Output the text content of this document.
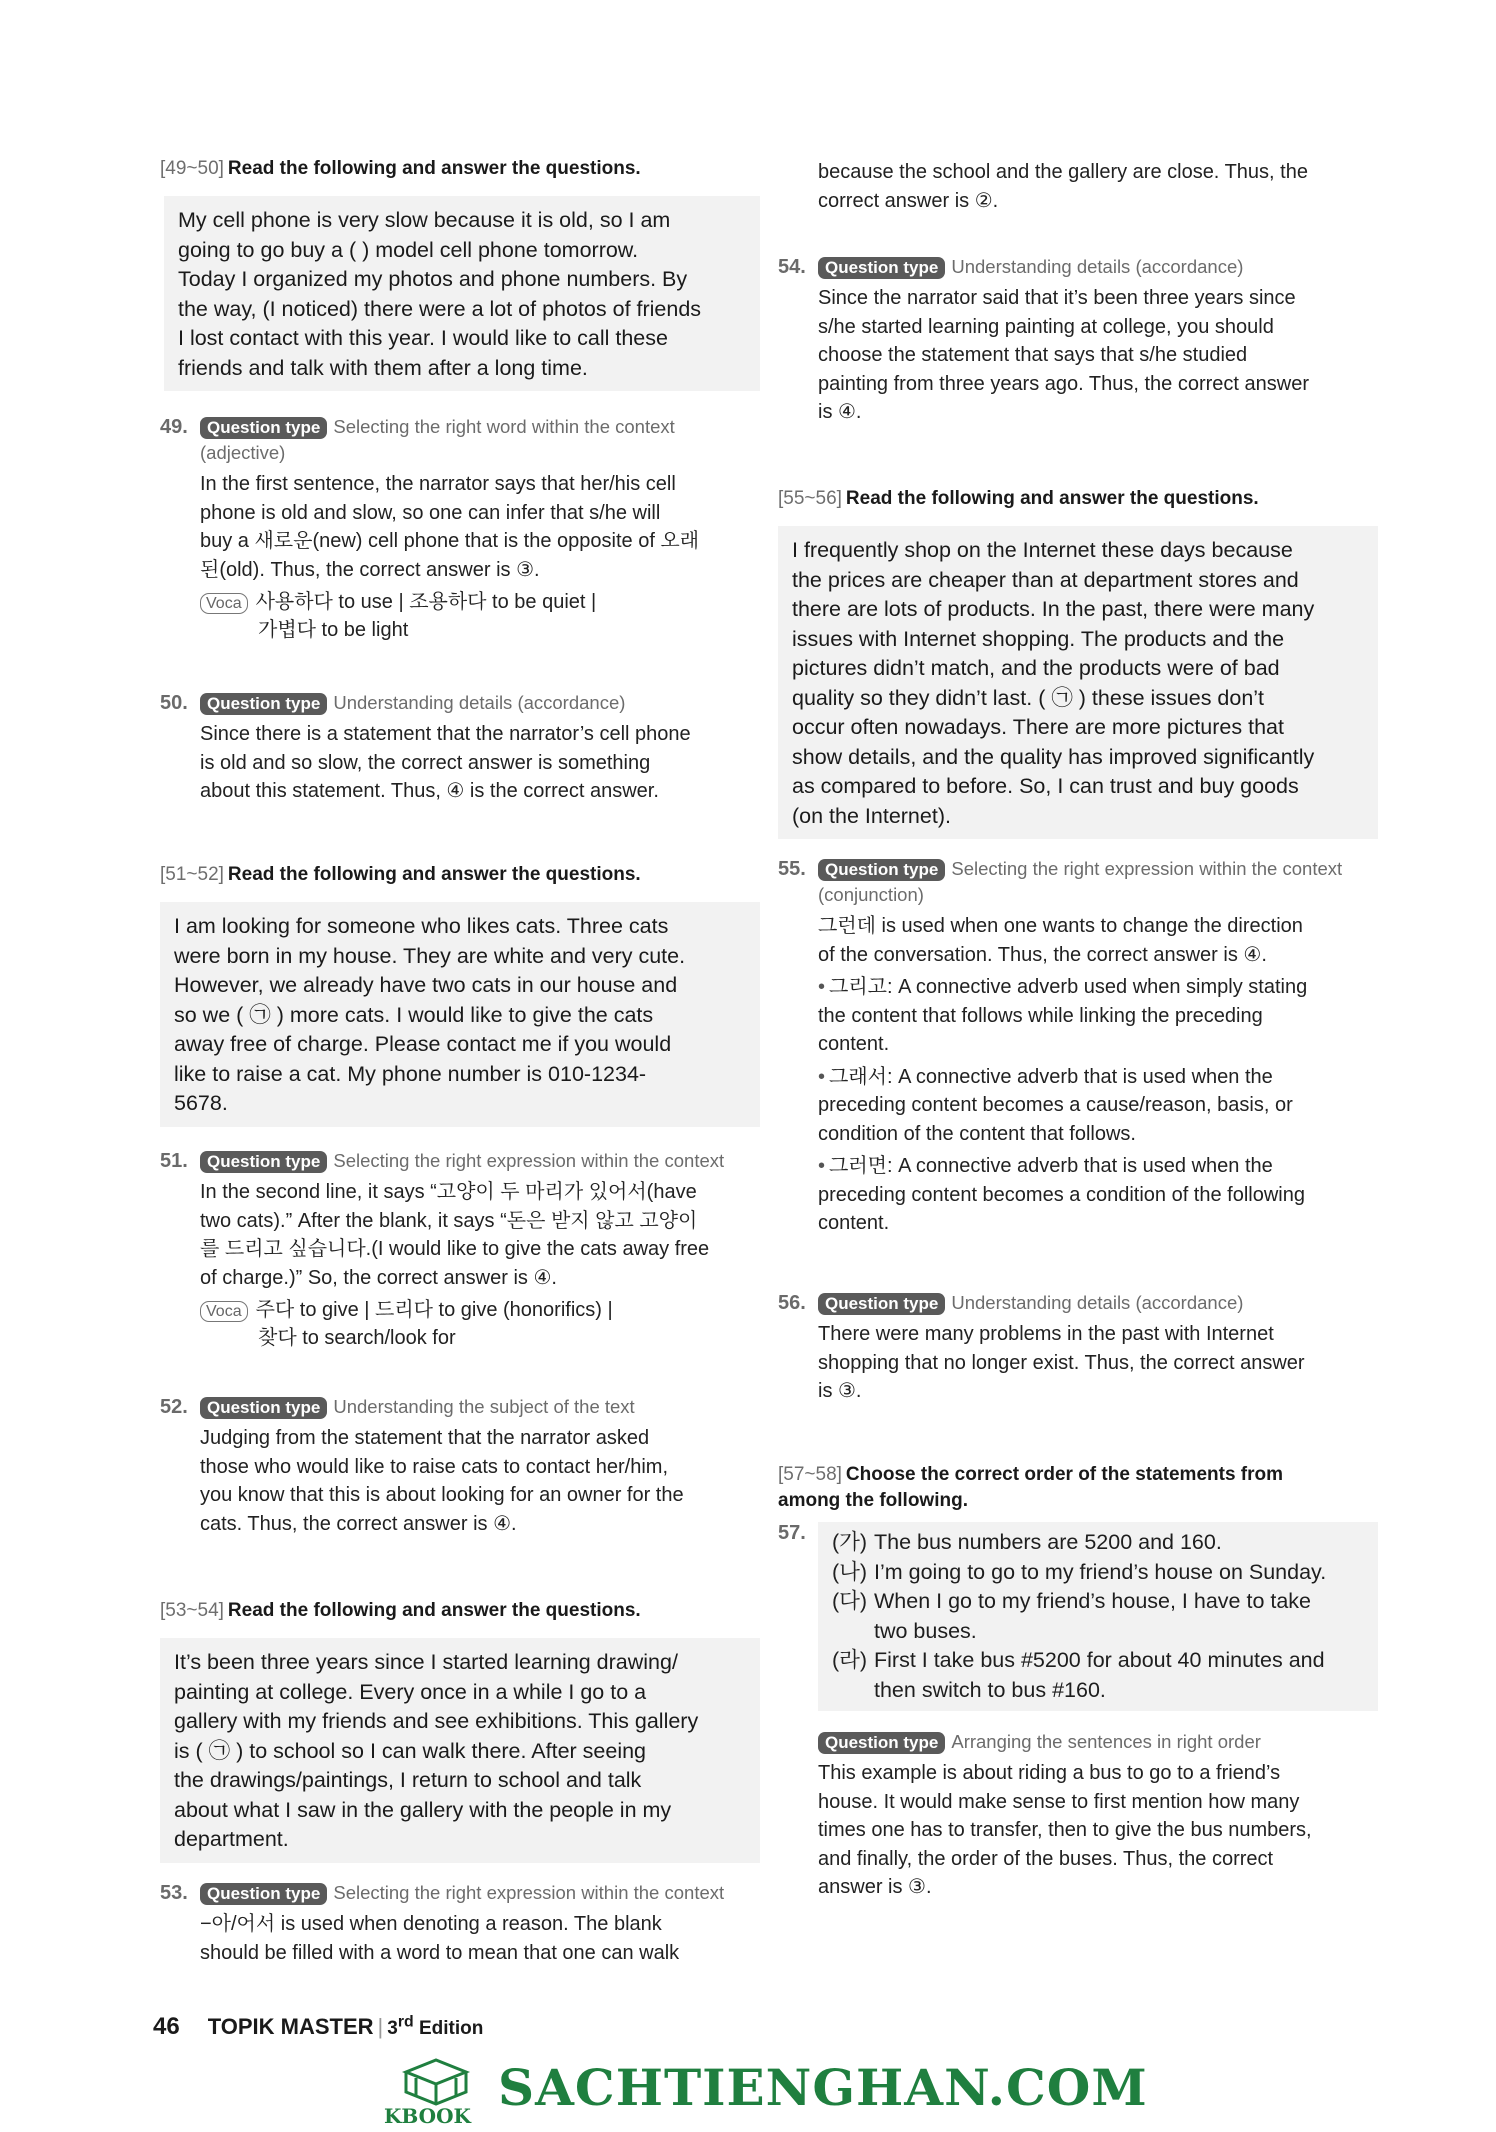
[49~50] Read the following and answer the questions.

My cell phone is very slow because it is old, so I am
going to go buy a ( ) model cell phone tomorrow.
Today I organized my photos and phone numbers. By
the way, (I noticed) there were a lot of photos of friends
I lost contact with this year. I would like to call these
friends and talk with them after a long time.
49. Question type Selecting the right word within the context
(adjective)
In the first sentence, the narrator says that her/his cell
phone is old and slow, so one can infer that s/he will
buy a 새로운(new) cell phone that is the opposite of 오래
된(old). Thus, the correct answer is ③.
Voca 사용하다 to use | 조용하다 to be quiet |
가볍다 to be light
50. Question type Understanding details (accordance)
Since there is a statement that the narrator’s cell phone
is old and so slow, the correct answer is something
about this statement. Thus, ④ is the correct answer.

[51~52] Read the following and answer the questions.

I am looking for someone who likes cats. Three cats
were born in my house. They are white and very cute.
However, we already have two cats in our house and
so we ( ㉠ ) more cats. I would like to give the cats
away free of charge. Please contact me if you would
like to raise a cat. My phone number is 010-1234-
5678.
51. Question type Selecting the right expression within the context
In the second line, it says “고양이 두 마리가 있어서(have
two cats).” After the blank, it says “돈은 받지 않고 고양이
를 드리고 싶습니다.(I would like to give the cats away free
of charge.)” So, the correct answer is ④.
Voca 주다 to give | 드리다 to give (honorifics) |
찾다 to search/look for
52. Question type Understanding the subject of the text
Judging from the statement that the narrator asked
those who would like to raise cats to contact her/him,
you know that this is about looking for an owner for the
cats. Thus, the correct answer is ④.

[53~54] Read the following and answer the questions.

It’s been three years since I started learning drawing/
painting at college. Every once in a while I go to a
gallery with my friends and see exhibitions. This gallery
is ( ㉠ ) to school so I can walk there. After seeing
the drawings/paintings, I return to school and talk
about what I saw in the gallery with the people in my
department.
53. Question type Selecting the right expression within the context
−아/어서 is used when denoting a reason. The blank
should be filled with a word to mean that one can walk
because the school and the gallery are close. Thus, the
correct answer is ②.
54. Question type Understanding details (accordance)
Since the narrator said that it’s been three years since
s/he started learning painting at college, you should
choose the statement that says that s/he studied
painting from three years ago. Thus, the correct answer
is ④.

[55~56] Read the following and answer the questions.

I frequently shop on the Internet these days because
the prices are cheaper than at department stores and
there are lots of products. In the past, there were many
issues with Internet shopping. The products and the
pictures didn’t match, and the products were of bad
quality so they didn’t last. ( ㉠ ) these issues don’t
occur often nowadays. There are more pictures that
show details, and the quality has improved significantly
as compared to before. So, I can trust and buy goods
(on the Internet).
55. Question type Selecting the right expression within the context
(conjunction)
그런데 is used when one wants to change the direction
of the conversation. Thus, the correct answer is ④.
• 그리고: A connective adverb used when simply stating
the content that follows while linking the preceding
content.
• 그래서: A connective adverb that is used when the
preceding content becomes a cause/reason, basis, or
condition of the content that follows.
• 그러면: A connective adverb that is used when the
preceding content becomes a condition of the following
content.
56. Question type Understanding details (accordance)
There were many problems in the past with Internet
shopping that no longer exist. Thus, the correct answer
is ③.

[57~58] Choose the correct order of the statements from
among the following.

57. (가) The bus numbers are 5200 and 160.
(나) I’m going to go to my friend’s house on Sunday.
(다) When I go to my friend’s house, I have to take
two buses.
(라) First I take bus #5200 for about 40 minutes and
then switch to bus #160.
Question type Arranging the sentences in right order
This example is about riding a bus to go to a friend’s
house. It would make sense to first mention how many
times one has to transfer, then to give the bus numbers,
and finally, the order of the buses. Thus, the correct
answer is ③.
46 TOPIK MASTER | 3rd Edition
KBOOK SACHTIENGHAN.COM
